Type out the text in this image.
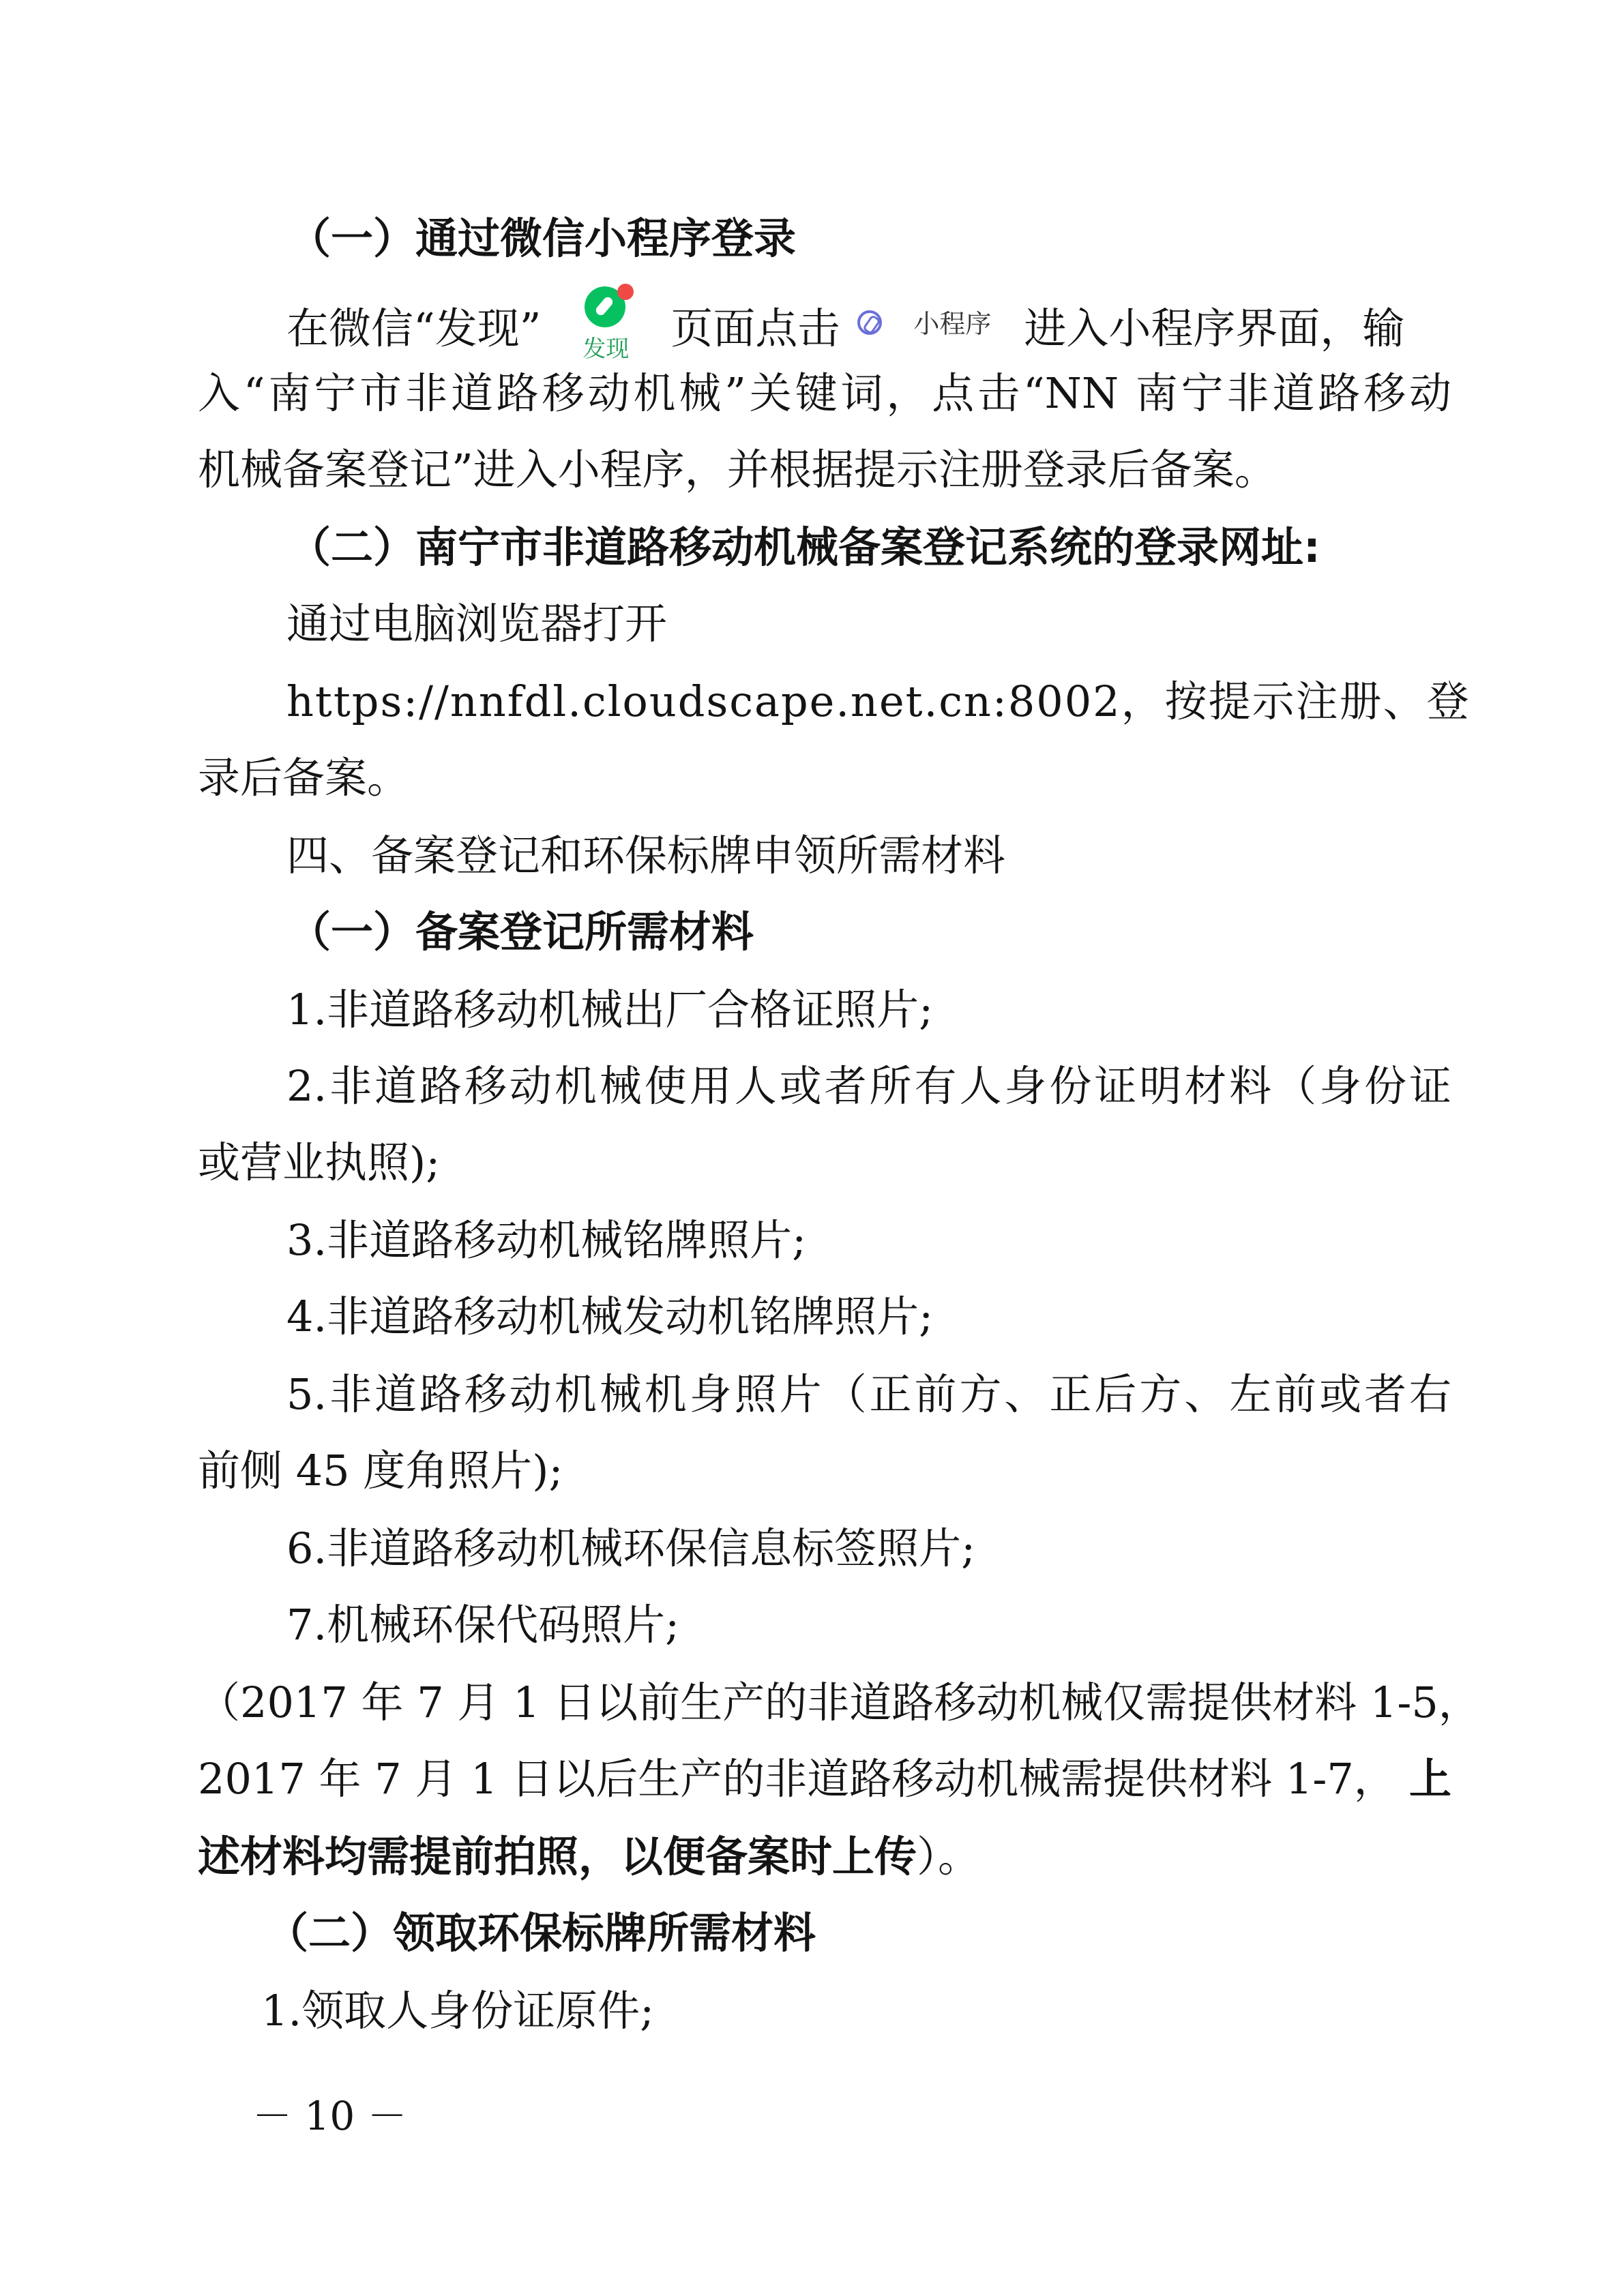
（一）通过微信小程序登录
在微信“发现”	发现 页面点击	小程序 进入小程序界面，输
入“南宁市非道路移动机械”关键词，点击“NN 南宁非道路移动
机械备案登记”进入小程序，并根据提示注册登录后备案。
（二）南宁市非道路移动机械备案登记系统的登录网址:
通过电脑浏览器打开
https://nnfdl.cloudscape.net.cn:8002，按提示注册、登
录后备案。
四、备案登记和环保标牌申领所需材料
（一）备案登记所需材料
1.非道路移动机械出厂合格证照片;
2.非道路移动机械使用人或者所有人身份证明材料（身份证
或营业执照);
3.非道路移动机械铭牌照片;
4.非道路移动机械发动机铭牌照片;
5.非道路移动机械机身照片（正前方、正后方、左前或者右
前侧 45 度角照片);
6.非道路移动机械环保信息标签照片;
7.机械环保代码照片;
（2017 年 7 月 1 日以前生产的非道路移动机械仅需提供材料 1-5，
2017 年 7 月 1 日以后生产的非道路移动机械需提供材料 1-7， 上
述材料均需提前拍照，以便备案时上传）。
（二）领取环保标牌所需材料
1.领取人身份证原件;
－ 10 －
